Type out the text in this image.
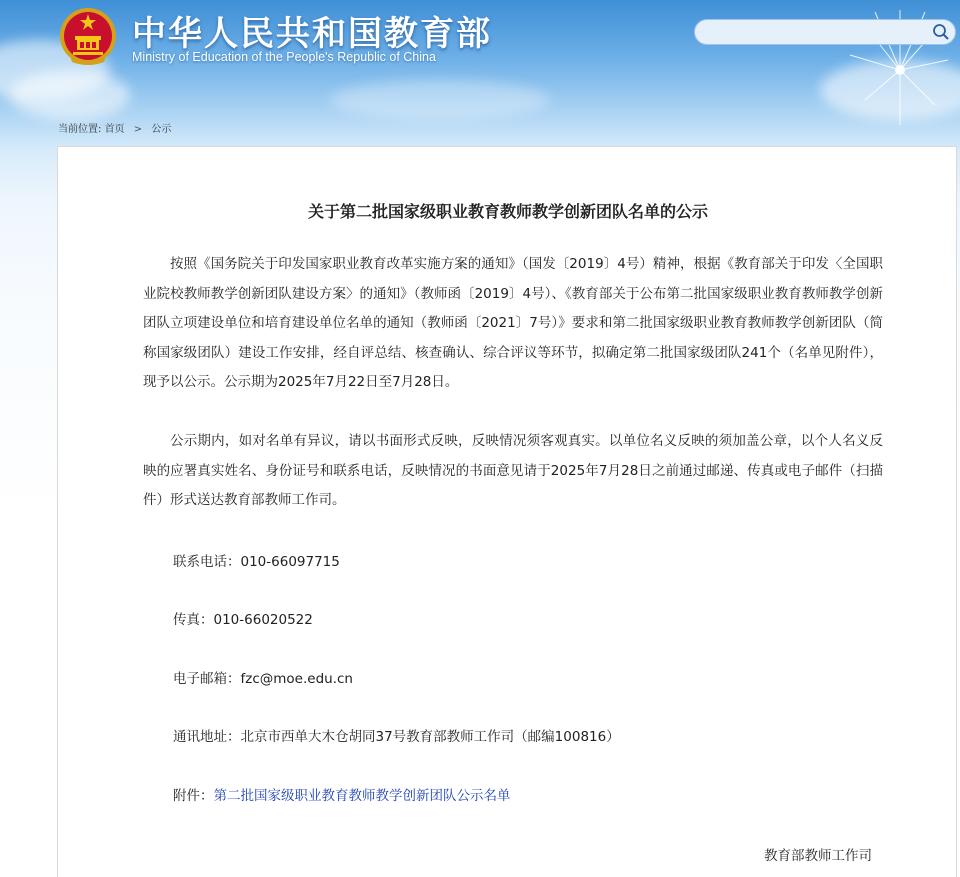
中华人民共和国教育部
Ministry of Education of the People's Republic of China
当前位置: 首页 > 公示
关于第二批国家级职业教育教师教学创新团队名单的公示
按照《国务院关于印发国家职业教育改革实施方案的通知》（国发〔2019〕4号）精神，根据《教育部关于印发〈全国职业院校教师教学创新团队建设方案〉的通知》（教师函〔2019〕4号）、《教育部关于公布第二批国家级职业教育教师教学创新团队立项建设单位和培育建设单位名单的通知（教师函〔2021〕7号）》要求和第二批国家级职业教育教师教学创新团队（简称国家级团队）建设工作安排，经自评总结、核查确认、综合评议等环节，拟确定第二批国家级团队241个（名单见附件），现予以公示。公示期为2025年7月22日至7月28日。
公示期内，如对名单有异议，请以书面形式反映，反映情况须客观真实。以单位名义反映的须加盖公章，以个人名义反映的应署真实姓名、身份证号和联系电话，反映情况的书面意见请于2025年7月28日之前通过邮递、传真或电子邮件（扫描件）形式送达教育部教师工作司。
联系电话：010-66097715
传真：010-66020522
电子邮箱：fzc@moe.edu.cn
通讯地址：北京市西单大木仓胡同37号教育部教师工作司（邮编100816）
附件：第二批国家级职业教育教师教学创新团队公示名单
教育部教师工作司
